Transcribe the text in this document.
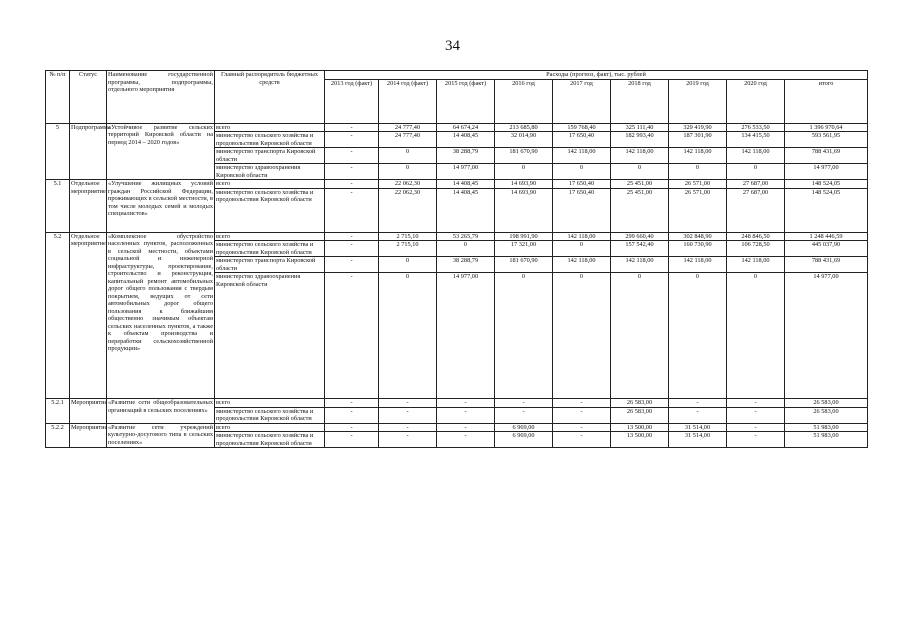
34
№ п/п	Статус	Наименование государственной программы, подпрограммы, отдельного мероприятия	Главный распорядитель бюджетных средств	Расходы (прогноз, факт), тыс. рублей								
				2013 год (факт)	2014 год (факт)	2015 год (факт)	2016 год	2017 год	2018 год	2019 год	2020 год	итого
5	Подпрограмма	«Устойчивое развитие сельских территорий Кировской области на период 2014 – 2020 годов»	всего	-	24 777,40	64 674,24	213 685,80	159 768,40	325 111,40	329 419,90	276 533,50	1 396 970,64
			министерство сельского хозяйства и продовольствия Кировской области	-	24 777,40	14 408,45	32 014,90	17 650,40	182 993,40	187 301,90	134 415,50	593 561,95
			министерство транспорта Кировской области	-	0	38 288,79	181 670,90	142 118,00	142 118,00	142 118,00	142 118,00	788 431,69
			министерство здравоохранения Кировской области	-	0	14 977,00	0	0	0	0	0	14 977,00
5.1	Отдельное мероприятие	«Улучшение жилищных условий граждан Российской Федерации, проживающих в сельской местности, в том числе молодых семей и молодых специалистов»	всего	-	22 062,30	14 408,45	14 693,90	17 650,40	25 451,00	26 571,00	27 687,00	148 524,05
			министерство сельского хозяйства и продовольствия Кировской области	-	22 062,30	14 408,45	14 693,90	17 650,40	25 451,00	26 571,00	27 687,00	148 524,05
5.2	Отдельное мероприятие	«Комплексное обустройство населенных пунктов, расположенных в сельской местности, объектами социальной и инженерной инфраструктуры, проектирование, строительство и реконструкция, капитальный ремонт автомобильных дорог общего пользования с твердым покрытием, ведущих от сети автомобильных дорог общего пользования к ближайшим общественно значимым объектам сельских населенных пунктов, а также к объектам производства и переработки сельскохозяйственной продукции»	всего	-	2 715,10	53 265,79	198 991,90	142 118,00	299 660,40	302 848,90	248 846,50	1 248 446,59
			министерство сельского хозяйства и продовольствия Кировской области	-	2 715,10	0	17 321,00	0	157 542,40	160 730,90	106 728,50	445 037,90
			министерство транспорта Кировской области	-	0	38 288,79	181 670,90	142 118,00	142 118,00	142 118,00	142 118,00	788 431,69
			министерство здравоохранения Кировской области	-	0	14 977,00	0	0	0	0	0	14 977,00
5.2.1	Мероприятие	«Развитие сети общеобразовательных организаций в сельских поселениях»	всего	-	-	-	-	-	26 583,00	-	-	26 583,00
			министерство сельского хозяйства и продовольствия Кировской области	-	-	-	-	-	26 583,00	-	-	26 583,00
5.2.2	Мероприятие	«Развитие сети учреждений культурно-досугового типа в сельских поселениях»	всего	-	-	-	6 969,00	-	13 500,00	31 514,00	-	51 983,00
			министерство сельского хозяйства и продовольствия Кировской области	-	-	-	6 969,00	-	13 500,00	31 514,00	-	51 983,00
